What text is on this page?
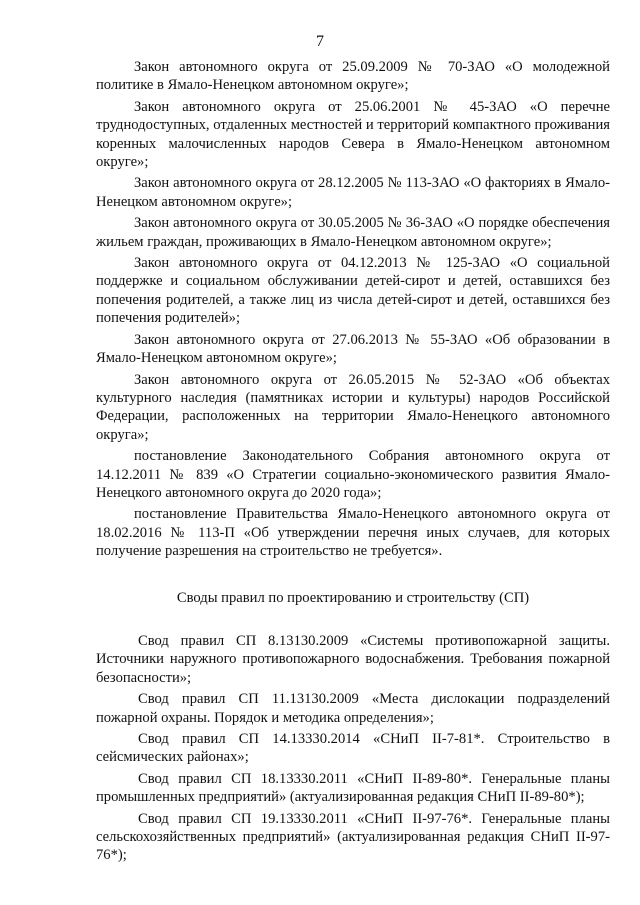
7

Закон автономного округа от 25.09.2009 № 70-ЗАО «О молодежной политике в Ямало-Ненецком автономном округе»;

Закон автономного округа от 25.06.2001 № 45-ЗАО «О перечне труднодоступных, отдаленных местностей и территорий компактного проживания коренных малочисленных народов Севера в Ямало-Ненецком автономном округе»;

Закон автономного округа от 28.12.2005 № 113-ЗАО «О факториях в Ямало-Ненецком автономном округе»;

Закон автономного округа от 30.05.2005 № 36-ЗАО «О порядке обеспечения жильем граждан, проживающих в Ямало-Ненецком автономном округе»;

Закон автономного округа от 04.12.2013 № 125-ЗАО «О социальной поддержке и социальном обслуживании детей-сирот и детей, оставшихся без попечения родителей, а также лиц из числа детей-сирот и детей, оставшихся без попечения родителей»;

Закон автономного округа от 27.06.2013 № 55-ЗАО «Об образовании в Ямало-Ненецком автономном округе»;

Закон автономного округа от 26.05.2015 № 52-ЗАО «Об объектах культурного наследия (памятниках истории и культуры) народов Российской Федерации, расположенных на территории Ямало-Ненецкого автономного округа»;

постановление Законодательного Собрания автономного округа от 14.12.2011 № 839 «О Стратегии социально-экономического развития Ямало-Ненецкого автономного округа до 2020 года»;

постановление Правительства Ямало-Ненецкого автономного округа от 18.02.2016 № 113-П «Об утверждении перечня иных случаев, для которых получение разрешения на строительство не требуется».

Своды правил по проектированию и строительству (СП)

Свод правил СП 8.13130.2009 «Системы противопожарной защиты. Источники наружного противопожарного водоснабжения. Требования пожарной безопасности»;

Свод правил СП 11.13130.2009 «Места дислокации подразделений пожарной охраны. Порядок и методика определения»;

Свод правил СП 14.13330.2014 «СНиП II-7-81*. Строительство в сейсмических районах»;

Свод правил СП 18.13330.2011 «СНиП II-89-80*. Генеральные планы промышленных предприятий» (актуализированная редакция СНиП II-89-80*);

Свод правил СП 19.13330.2011 «СНиП II-97-76*. Генеральные планы сельскохозяйственных предприятий» (актуализированная редакция СНиП II-97-76*);
